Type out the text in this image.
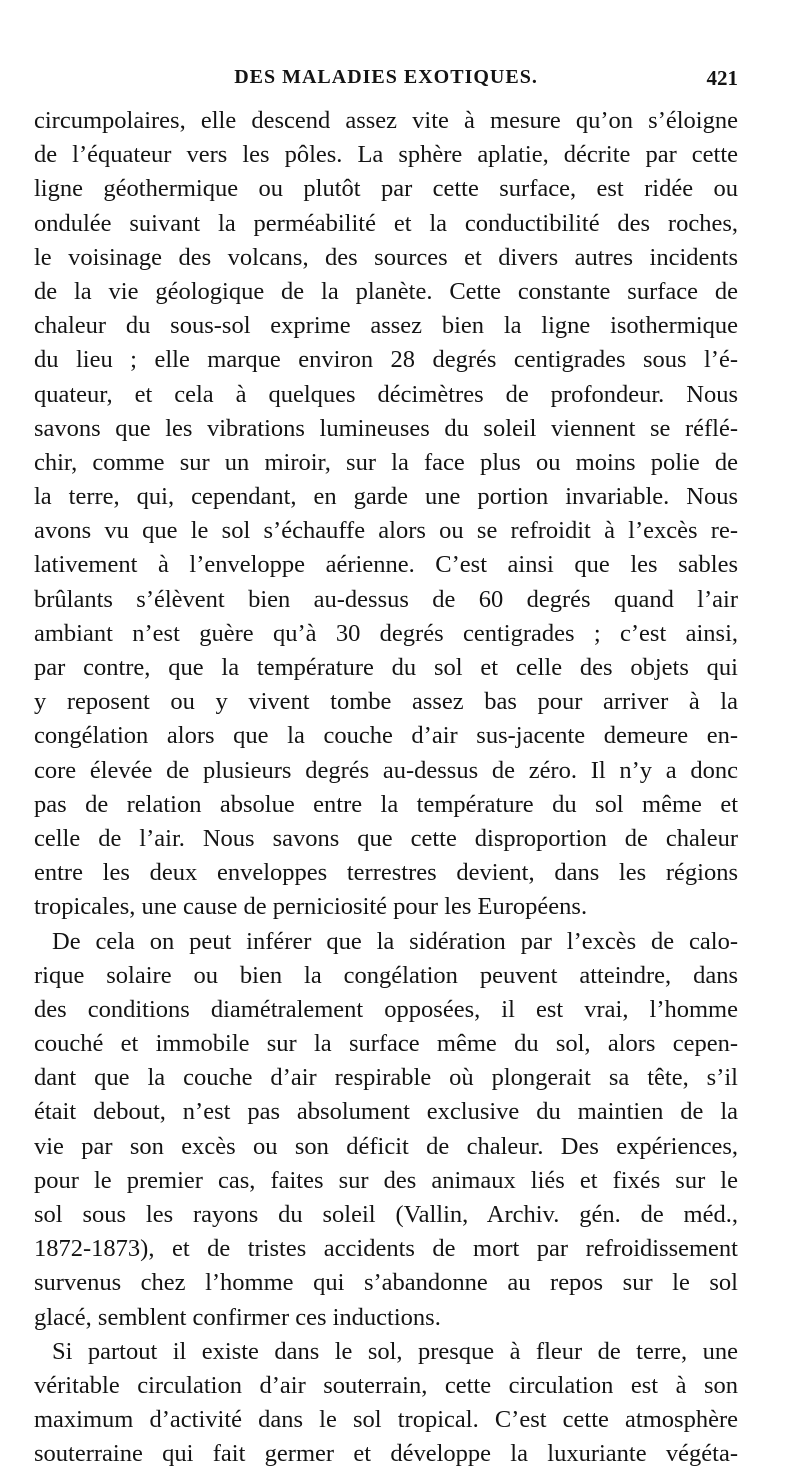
DES MALADIES EXOTIQUES.	421
circumpolaires, elle descend assez vite à mesure qu’on s’éloigne
de l’équateur vers les pôles. La sphère aplatie, décrite par cette
ligne géothermique ou plutôt par cette surface, est ridée ou
ondulée suivant la perméabilité et la conductibilité des roches,
le voisinage des volcans, des sources et divers autres incidents
de la vie géologique de la planète. Cette constante surface de
chaleur du sous-sol exprime assez bien la ligne isothermique
du lieu ; elle marque environ 28 degrés centigrades sous l’é-
quateur, et cela à quelques décimètres de profondeur. Nous
savons que les vibrations lumineuses du soleil viennent se réflé-
chir, comme sur un miroir, sur la face plus ou moins polie de
la terre, qui, cependant, en garde une portion invariable. Nous
avons vu que le sol s’échauffe alors ou se refroidit à l’excès re-
lativement à l’enveloppe aérienne. C’est ainsi que les sables
brûlants s’élèvent bien au-dessus de 60 degrés quand l’air
ambiant n’est guère qu’à 30 degrés centigrades ; c’est ainsi,
par contre, que la température du sol et celle des objets qui
y reposent ou y vivent tombe assez bas pour arriver à la
congélation alors que la couche d’air sus-jacente demeure en-
core élevée de plusieurs degrés au-dessus de zéro. Il n’y a donc
pas de relation absolue entre la température du sol même et
celle de l’air. Nous savons que cette disproportion de chaleur
entre les deux enveloppes terrestres devient, dans les régions
tropicales, une cause de perniciosité pour les Européens.
De cela on peut inférer que la sidération par l’excès de calo-
rique solaire ou bien la congélation peuvent atteindre, dans
des conditions diamétralement opposées, il est vrai, l’homme
couché et immobile sur la surface même du sol, alors cepen-
dant que la couche d’air respirable où plongerait sa tête, s’il
était debout, n’est pas absolument exclusive du maintien de la
vie par son excès ou son déficit de chaleur. Des expériences,
pour le premier cas, faites sur des animaux liés et fixés sur le
sol sous les rayons du soleil (Vallin, Archiv. gén. de méd.,
1872-1873), et de tristes accidents de mort par refroidissement
survenus chez l’homme qui s’abandonne au repos sur le sol
glacé, semblent confirmer ces inductions.
Si partout il existe dans le sol, presque à fleur de terre, une
véritable circulation d’air souterrain, cette circulation est à son
maximum d’activité dans le sol tropical. C’est cette atmosphère
souterraine qui fait germer et développe la luxuriante végéta-
